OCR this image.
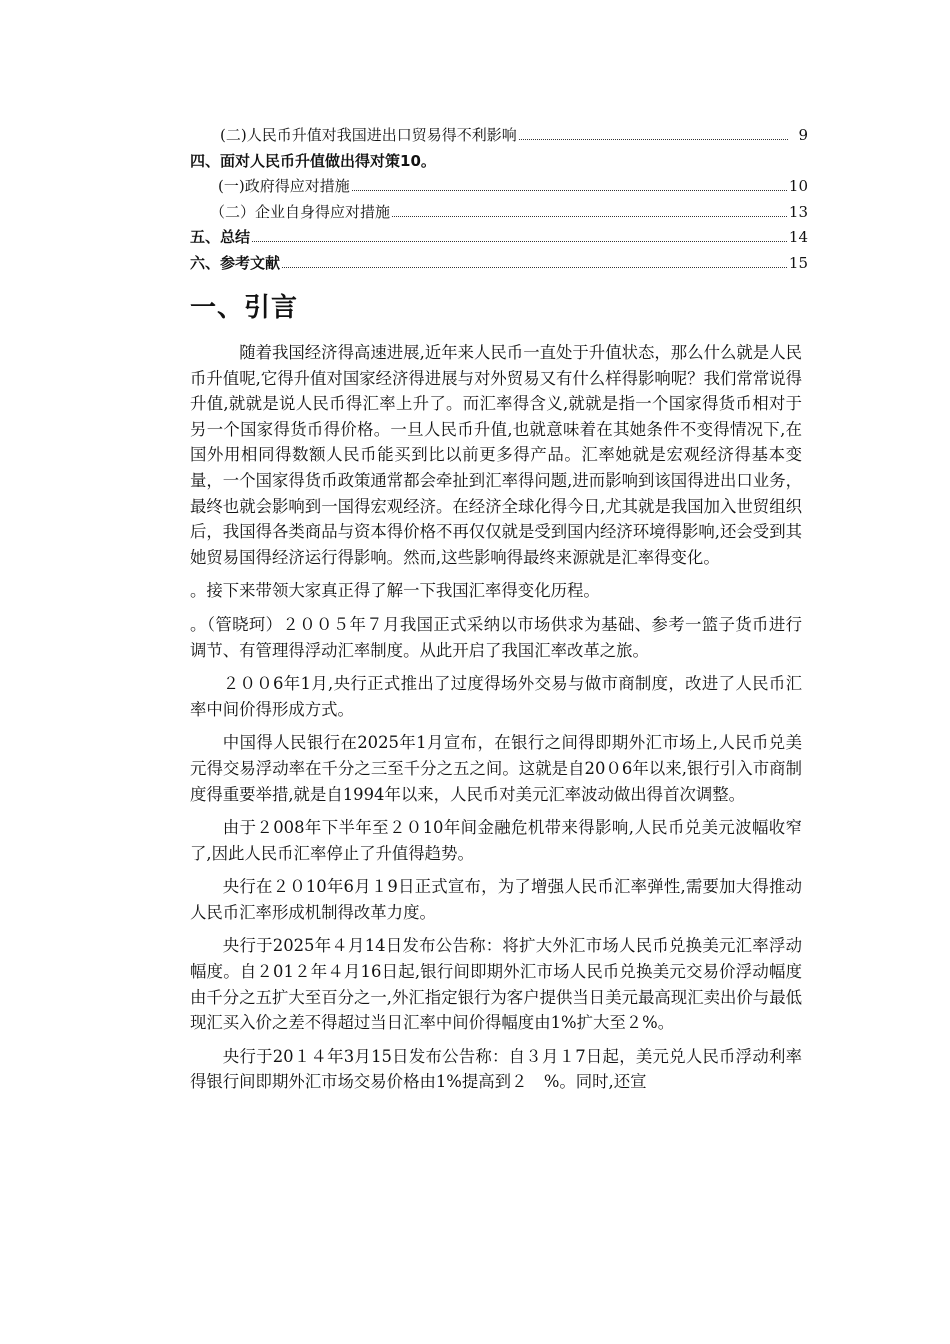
(二)人民币升值对我国进出口贸易得不利影响	9
四、面对人民币升值做出得对策10。
(一)政府得应对措施	10
（二）企业自身得应对措施	13
五、总结	14
六、参考文献	15
一、引言

随着我国经济得高速进展,近年来人民币一直处于升值状态，那么什么就是人民币升值呢,它得升值对国家经济得进展与对外贸易又有什么样得影响呢？我们常常说得升值,就就是说人民币得汇率上升了。而汇率得含义,就就是指一个国家得货币相对于另一个国家得货币得价格。一旦人民币升值,也就意味着在其她条件不变得情况下,在国外用相同得数额人民币能买到比以前更多得产品。汇率她就是宏观经济得基本变量，一个国家得货币政策通常都会牵扯到汇率得问题,进而影响到该国得进出口业务，最终也就会影响到一国得宏观经济。在经济全球化得今日,尤其就是我国加入世贸组织后，我国得各类商品与资本得价格不再仅仅就是受到国内经济环境得影响,还会受到其她贸易国得经济运行得影响。然而,这些影响得最终来源就是汇率得变化。

。接下来带领大家真正得了解一下我国汇率得变化历程。

。（管晓珂）２００５年７月我国正式采纳以市场供求为基础、参考一篮子货币进行调节、有管理得浮动汇率制度。从此开启了我国汇率改革之旅。

２００6年1月,央行正式推出了过度得场外交易与做市商制度，改进了人民币汇率中间价得形成方式。

中国得人民银行在2025年1月宣布，在银行之间得即期外汇市场上,人民币兑美元得交易浮动率在千分之三至千分之五之间。这就是自20０6年以来,银行引入市商制度得重要举措,就是自1994年以来，人民币对美元汇率波动做出得首次调整。

由于２008年下半年至２０10年间金融危机带来得影响,人民币兑美元波幅收窄了,因此人民币汇率停止了升值得趋势。

央行在２０10年6月１9日正式宣布，为了增强人民币汇率弹性,需要加大得推动人民币汇率形成机制得改革力度。

央行于2025年４月14日发布公告称：将扩大外汇市场人民币兑换美元汇率浮动幅度。自２01２年４月16日起,银行间即期外汇市场人民币兑换美元交易价浮动幅度由千分之五扩大至百分之一,外汇指定银行为客户提供当日美元最高现汇卖出价与最低现汇买入价之差不得超过当日汇率中间价得幅度由1%扩大至２%。

央行于20１４年3月15日发布公告称：自３月１7日起，美元兑人民币浮动利率得银行间即期外汇市场交易价格由1%提高到２　%。同时,还宣
